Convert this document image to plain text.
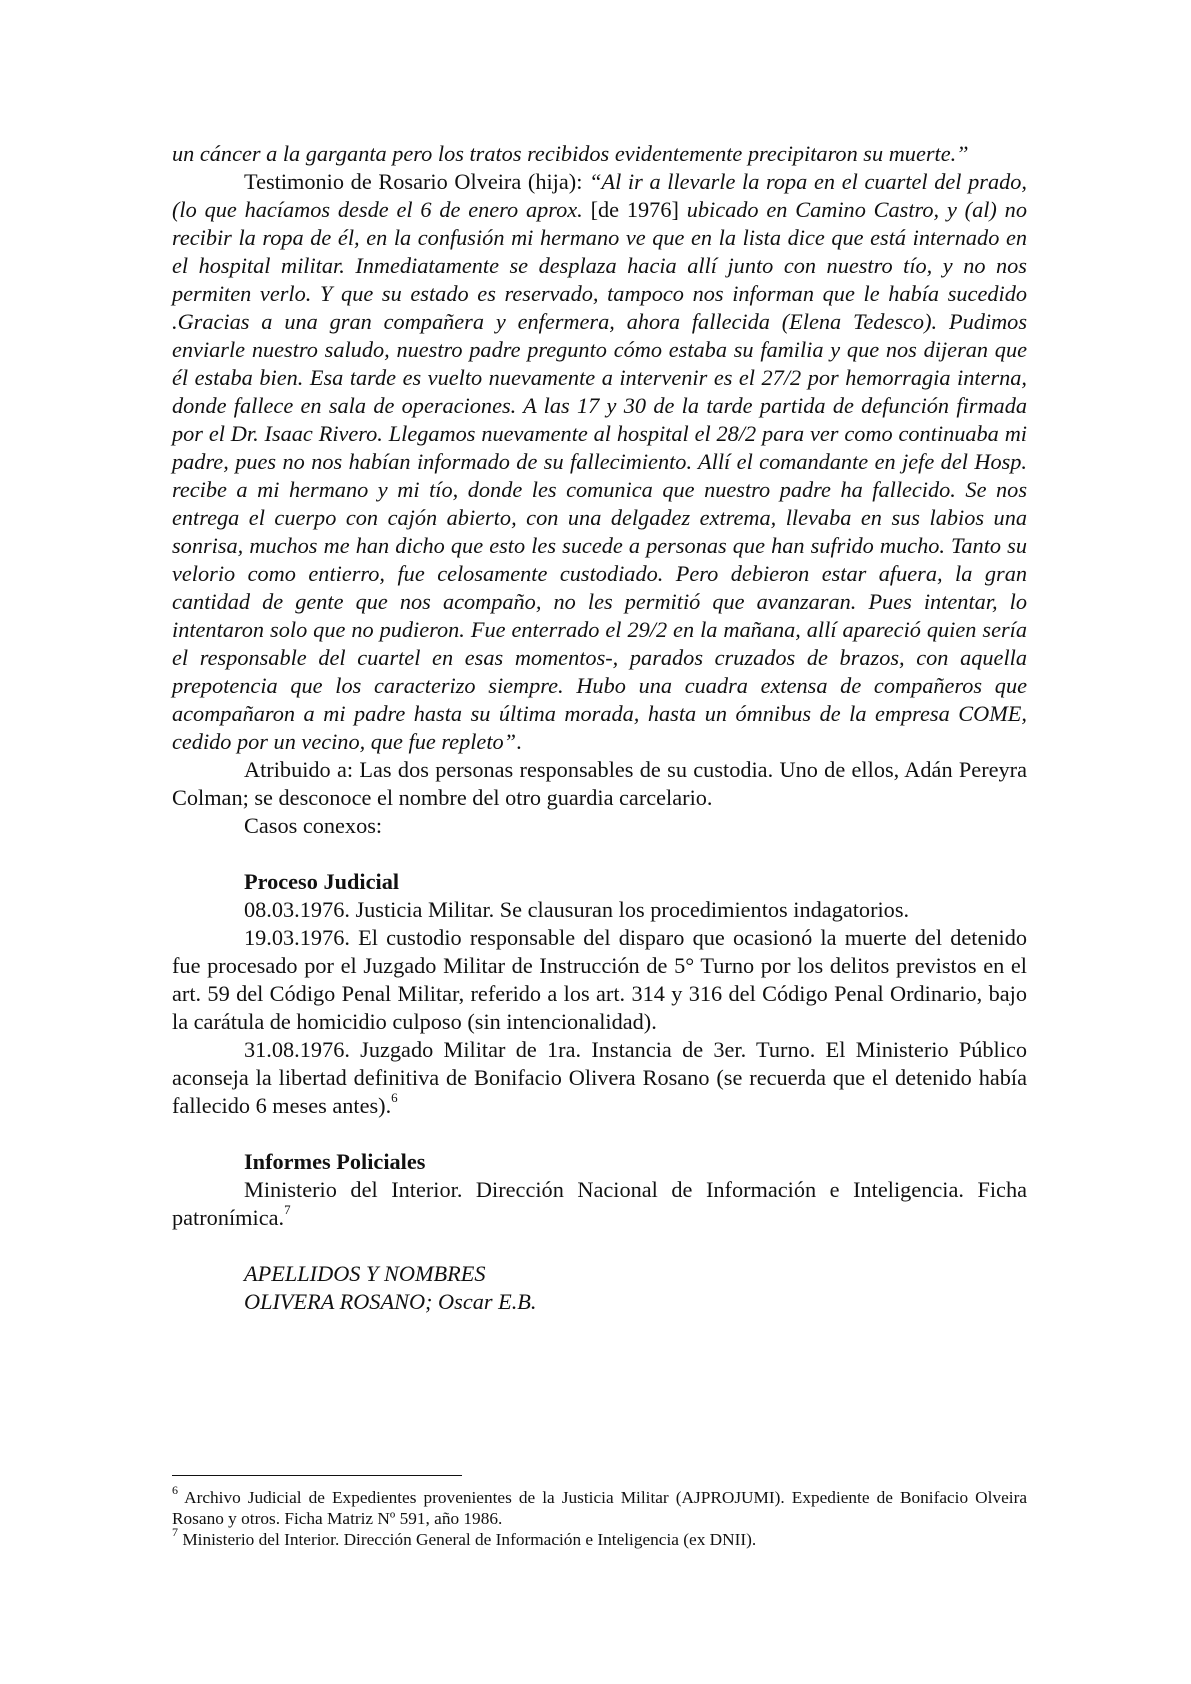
un cáncer a la garganta pero los tratos recibidos evidentemente precipitaron su muerte.”

Testimonio de Rosario Olveira (hija): “Al ir a llevarle la ropa en el cuartel del prado, (lo que hacíamos desde el 6 de enero aprox. [de 1976] ubicado en Camino Castro, y (al) no recibir la ropa de él, en la confusión mi hermano ve que en la lista dice que está internado en el hospital militar. Inmediatamente se desplaza hacia allí junto con nuestro tío, y no nos permiten verlo. Y que su estado es reservado, tampoco nos informan que le había sucedido .Gracias a una gran compañera y enfermera, ahora fallecida (Elena Tedesco). Pudimos enviarle nuestro saludo, nuestro padre pregunto cómo estaba su familia y que nos dijeran que él estaba bien. Esa tarde es vuelto nuevamente a intervenir es el 27/2 por hemorragia interna, donde fallece en sala de operaciones. A las 17 y 30 de la tarde partida de defunción firmada por el Dr. Isaac Rivero. Llegamos nuevamente al hospital el 28/2 para ver como continuaba mi padre, pues no nos habían informado de su fallecimiento. Allí el comandante en jefe del Hosp. recibe a mi hermano y mi tío, donde les comunica que nuestro padre ha fallecido. Se nos entrega el cuerpo con cajón abierto, con una delgadez extrema, llevaba en sus labios una sonrisa, muchos me han dicho que esto les sucede a personas que han sufrido mucho. Tanto su velorio como entierro, fue celosamente custodiado. Pero debieron estar afuera, la gran cantidad de gente que nos acompaño, no les permitió que avanzaran. Pues intentar, lo intentaron solo que no pudieron. Fue enterrado el 29/2 en la mañana, allí apareció quien sería el responsable del cuartel en esas momentos-, parados cruzados de brazos, con aquella prepotencia que los caracterizo siempre. Hubo una cuadra extensa de compañeros que acompañaron a mi padre hasta su última morada, hasta un ómnibus de la empresa COME, cedido por un vecino, que fue repleto”.

Atribuido a: Las dos personas responsables de su custodia. Uno de ellos, Adán Pereyra Colman; se desconoce el nombre del otro guardia carcelario.

Casos conexos:

Proceso Judicial

08.03.1976. Justicia Militar. Se clausuran los procedimientos indagatorios.

19.03.1976. El custodio responsable del disparo que ocasionó la muerte del detenido fue procesado por el Juzgado Militar de Instrucción de 5° Turno por los delitos previstos en el art. 59 del Código Penal Militar, referido a los art. 314 y 316 del Código Penal Ordinario, bajo la carátula de homicidio culposo (sin intencionalidad).

31.08.1976. Juzgado Militar de 1ra. Instancia de 3er. Turno. El Ministerio Público aconseja la libertad definitiva de Bonifacio Olivera Rosano (se recuerda que el detenido había fallecido 6 meses antes).$^6$

Informes Policiales

Ministerio del Interior. Dirección Nacional de Información e Inteligencia. Ficha patronímica.$^7$

APELLIDOS Y NOMBRES

OLIVERA ROSANO; Oscar E.B.

$^6$ Archivo Judicial de Expedientes provenientes de la Justicia Militar (AJPROJUMI). Expediente de Bonifacio Olveira Rosano y otros. Ficha Matriz Nº 591, año 1986.

$^7$ Ministerio del Interior. Dirección General de Información e Inteligencia (ex DNII).
